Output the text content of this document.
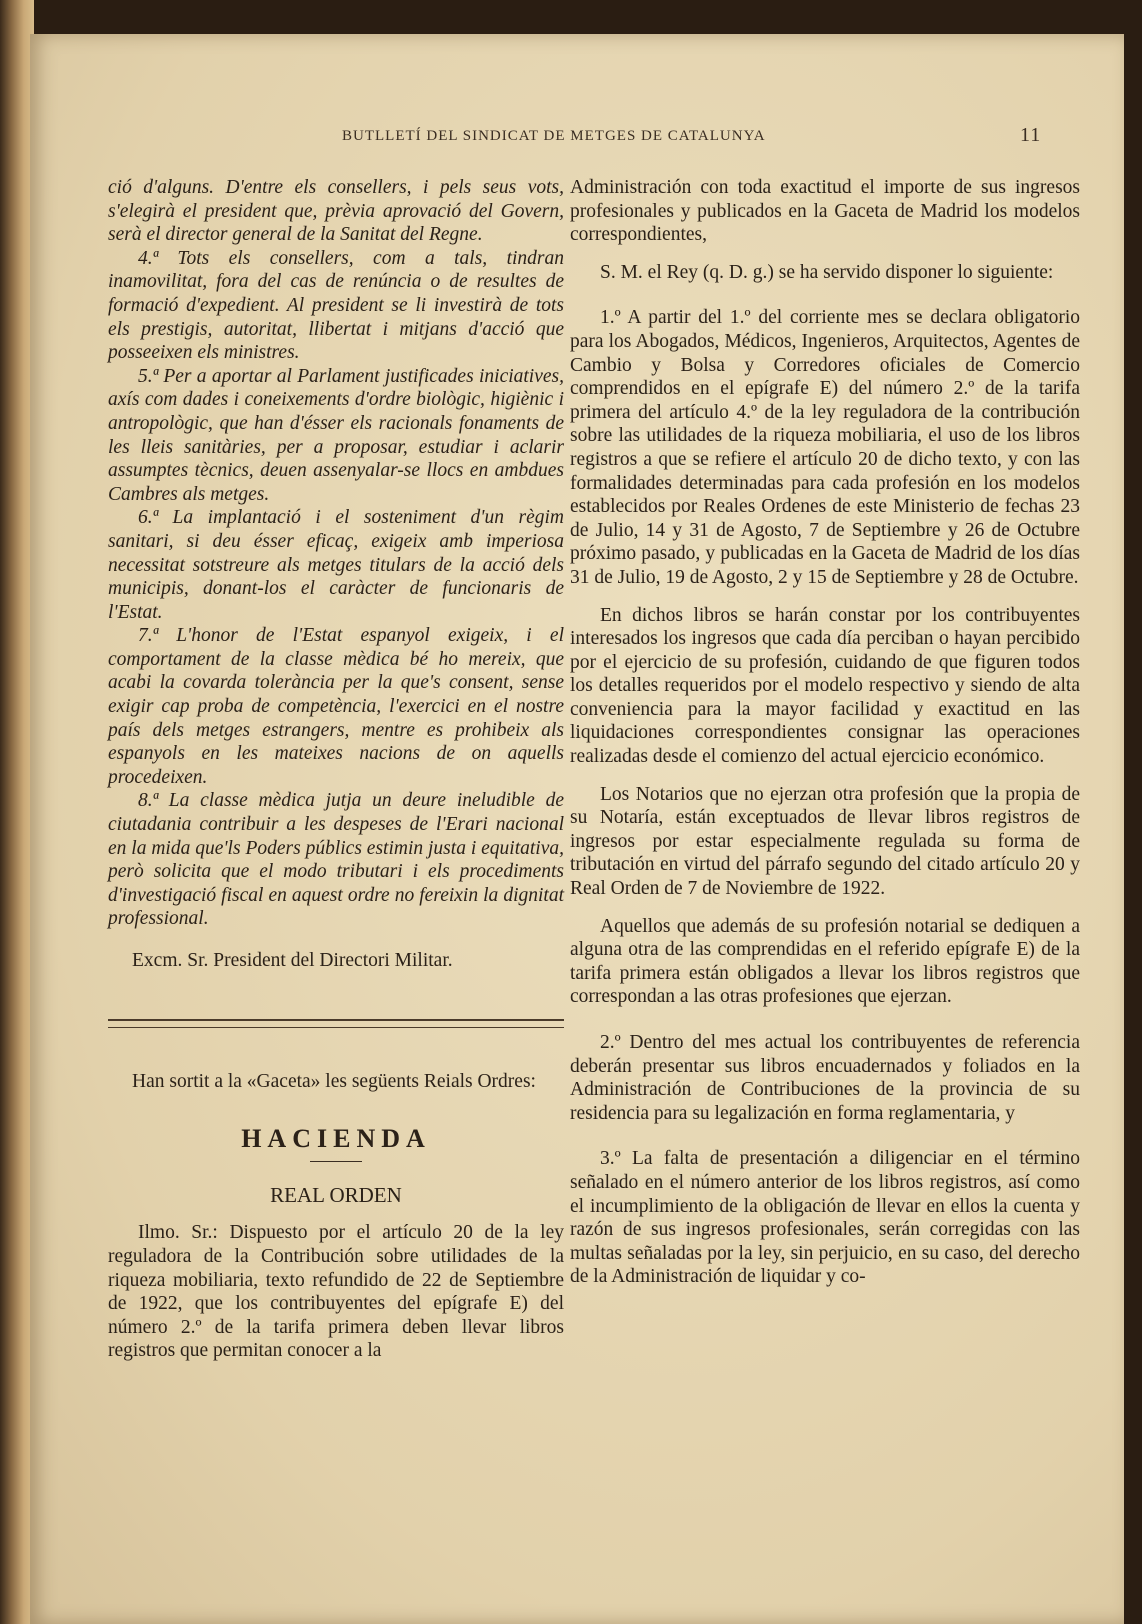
BUTLLETÍ DEL SINDICAT DE METGES DE CATALUNYA	11

ció d'alguns. D'entre els consellers, i pels seus vots, s'elegirà el president que, prèvia aprovació del Govern, serà el director general de la Sanitat del Regne.

4.ª Tots els consellers, com a tals, tindran inamovilitat, fora del cas de renúncia o de resultes de formació d'expedient. Al president se li investirà de tots els prestigis, autoritat, llibertat i mitjans d'acció que posseeixen els ministres.

5.ª Per a aportar al Parlament justificades iniciatives, axís com dades i coneixements d'ordre biològic, higiènic i antropològic, que han d'ésser els racionals fonaments de les lleis sanitàries, per a proposar, estudiar i aclarir assumptes tècnics, deuen assenyalar-se llocs en ambdues Cambres als metges.

6.ª La implantació i el sosteniment d'un règim sanitari, si deu ésser eficaç, exigeix amb imperiosa necessitat sotstreure als metges titulars de la acció dels municipis, donant-los el caràcter de funcionaris de l'Estat.

7.ª L'honor de l'Estat espanyol exigeix, i el comportament de la classe mèdica bé ho mereix, que acabi la covarda tolerància per la que's consent, sense exigir cap proba de competència, l'exercici en el nostre país dels metges estrangers, mentre es prohibeix als espanyols en les mateixes nacions de on aquells procedeixen.

8.ª La classe mèdica jutja un deure ineludible de ciutadania contribuir a les despeses de l'Erari nacional en la mida que'ls Poders públics estimin justa i equitativa, però solicita que el modo tributari i els procediments d'investigació fiscal en aquest ordre no fereixin la dignitat professional.

Excm. Sr. President del Directori Militar.

Han sortit a la «Gaceta» les següents Reials Ordres:

HACIENDA
REAL ORDEN

Ilmo. Sr.: Dispuesto por el artículo 20 de la ley reguladora de la Contribución sobre utilidades de la riqueza mobiliaria, texto refundido de 22 de Septiembre de 1922, que los contribuyentes del epígrafe E) del número 2.º de la tarifa primera deben llevar libros registros que permitan conocer a la

Administración con toda exactitud el importe de sus ingresos profesionales y publicados en la Gaceta de Madrid los modelos correspondientes,

S. M. el Rey (q. D. g.) se ha servido disponer lo siguiente:

1.º A partir del 1.º del corriente mes se declara obligatorio para los Abogados, Médicos, Ingenieros, Arquitectos, Agentes de Cambio y Bolsa y Corredores oficiales de Comercio comprendidos en el epígrafe E) del número 2.º de la tarifa primera del artículo 4.º de la ley reguladora de la contribución sobre las utilidades de la riqueza mobiliaria, el uso de los libros registros a que se refiere el artículo 20 de dicho texto, y con las formalidades determinadas para cada profesión en los modelos establecidos por Reales Ordenes de este Ministerio de fechas 23 de Julio, 14 y 31 de Agosto, 7 de Septiembre y 26 de Octubre próximo pasado, y publicadas en la Gaceta de Madrid de los días 31 de Julio, 19 de Agosto, 2 y 15 de Septiembre y 28 de Octubre.

En dichos libros se harán constar por los contribuyentes interesados los ingresos que cada día perciban o hayan percibido por el ejercicio de su profesión, cuidando de que figuren todos los detalles requeridos por el modelo respectivo y siendo de alta conveniencia para la mayor facilidad y exactitud en las liquidaciones correspondientes consignar las operaciones realizadas desde el comienzo del actual ejercicio económico.

Los Notarios que no ejerzan otra profesión que la propia de su Notaría, están exceptuados de llevar libros registros de ingresos por estar especialmente regulada su forma de tributación en virtud del párrafo segundo del citado artículo 20 y Real Orden de 7 de Noviembre de 1922.

Aquellos que además de su profesión notarial se dediquen a alguna otra de las comprendidas en el referido epígrafe E) de la tarifa primera están obligados a llevar los libros registros que correspondan a las otras profesiones que ejerzan.

2.º Dentro del mes actual los contribuyentes de referencia deberán presentar sus libros encuadernados y foliados en la Administración de Contribuciones de la provincia de su residencia para su legalización en forma reglamentaria, y

3.º La falta de presentación a diligenciar en el término señalado en el número anterior de los libros registros, así como el incumplimiento de la obligación de llevar en ellos la cuenta y razón de sus ingresos profesionales, serán corregidas con las multas señaladas por la ley, sin perjuicio, en su caso, del derecho de la Administración de liquidar y co-
